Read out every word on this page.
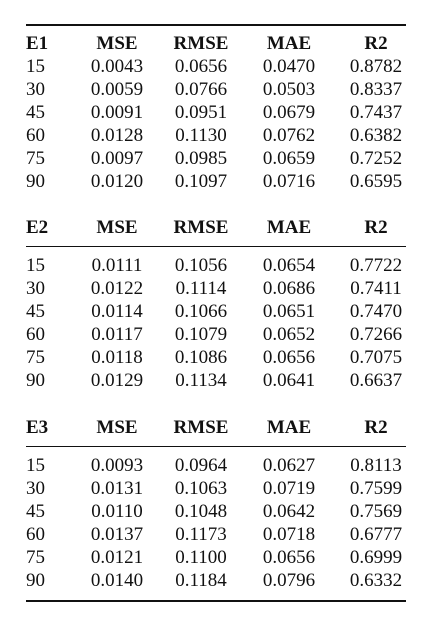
E1	MSE	RMSE	MAE	R2
15	0.0043	0.0656	0.0470	0.8782
30	0.0059	0.0766	0.0503	0.8337
45	0.0091	0.0951	0.0679	0.7437
60	0.0128	0.1130	0.0762	0.6382
75	0.0097	0.0985	0.0659	0.7252
90	0.0120	0.1097	0.0716	0.6595
E2	MSE	RMSE	MAE	R2
15	0.0111	0.1056	0.0654	0.7722
30	0.0122	0.1114	0.0686	0.7411
45	0.0114	0.1066	0.0651	0.7470
60	0.0117	0.1079	0.0652	0.7266
75	0.0118	0.1086	0.0656	0.7075
90	0.0129	0.1134	0.0641	0.6637
E3	MSE	RMSE	MAE	R2
15	0.0093	0.0964	0.0627	0.8113
30	0.0131	0.1063	0.0719	0.7599
45	0.0110	0.1048	0.0642	0.7569
60	0.0137	0.1173	0.0718	0.6777
75	0.0121	0.1100	0.0656	0.6999
90	0.0140	0.1184	0.0796	0.6332
